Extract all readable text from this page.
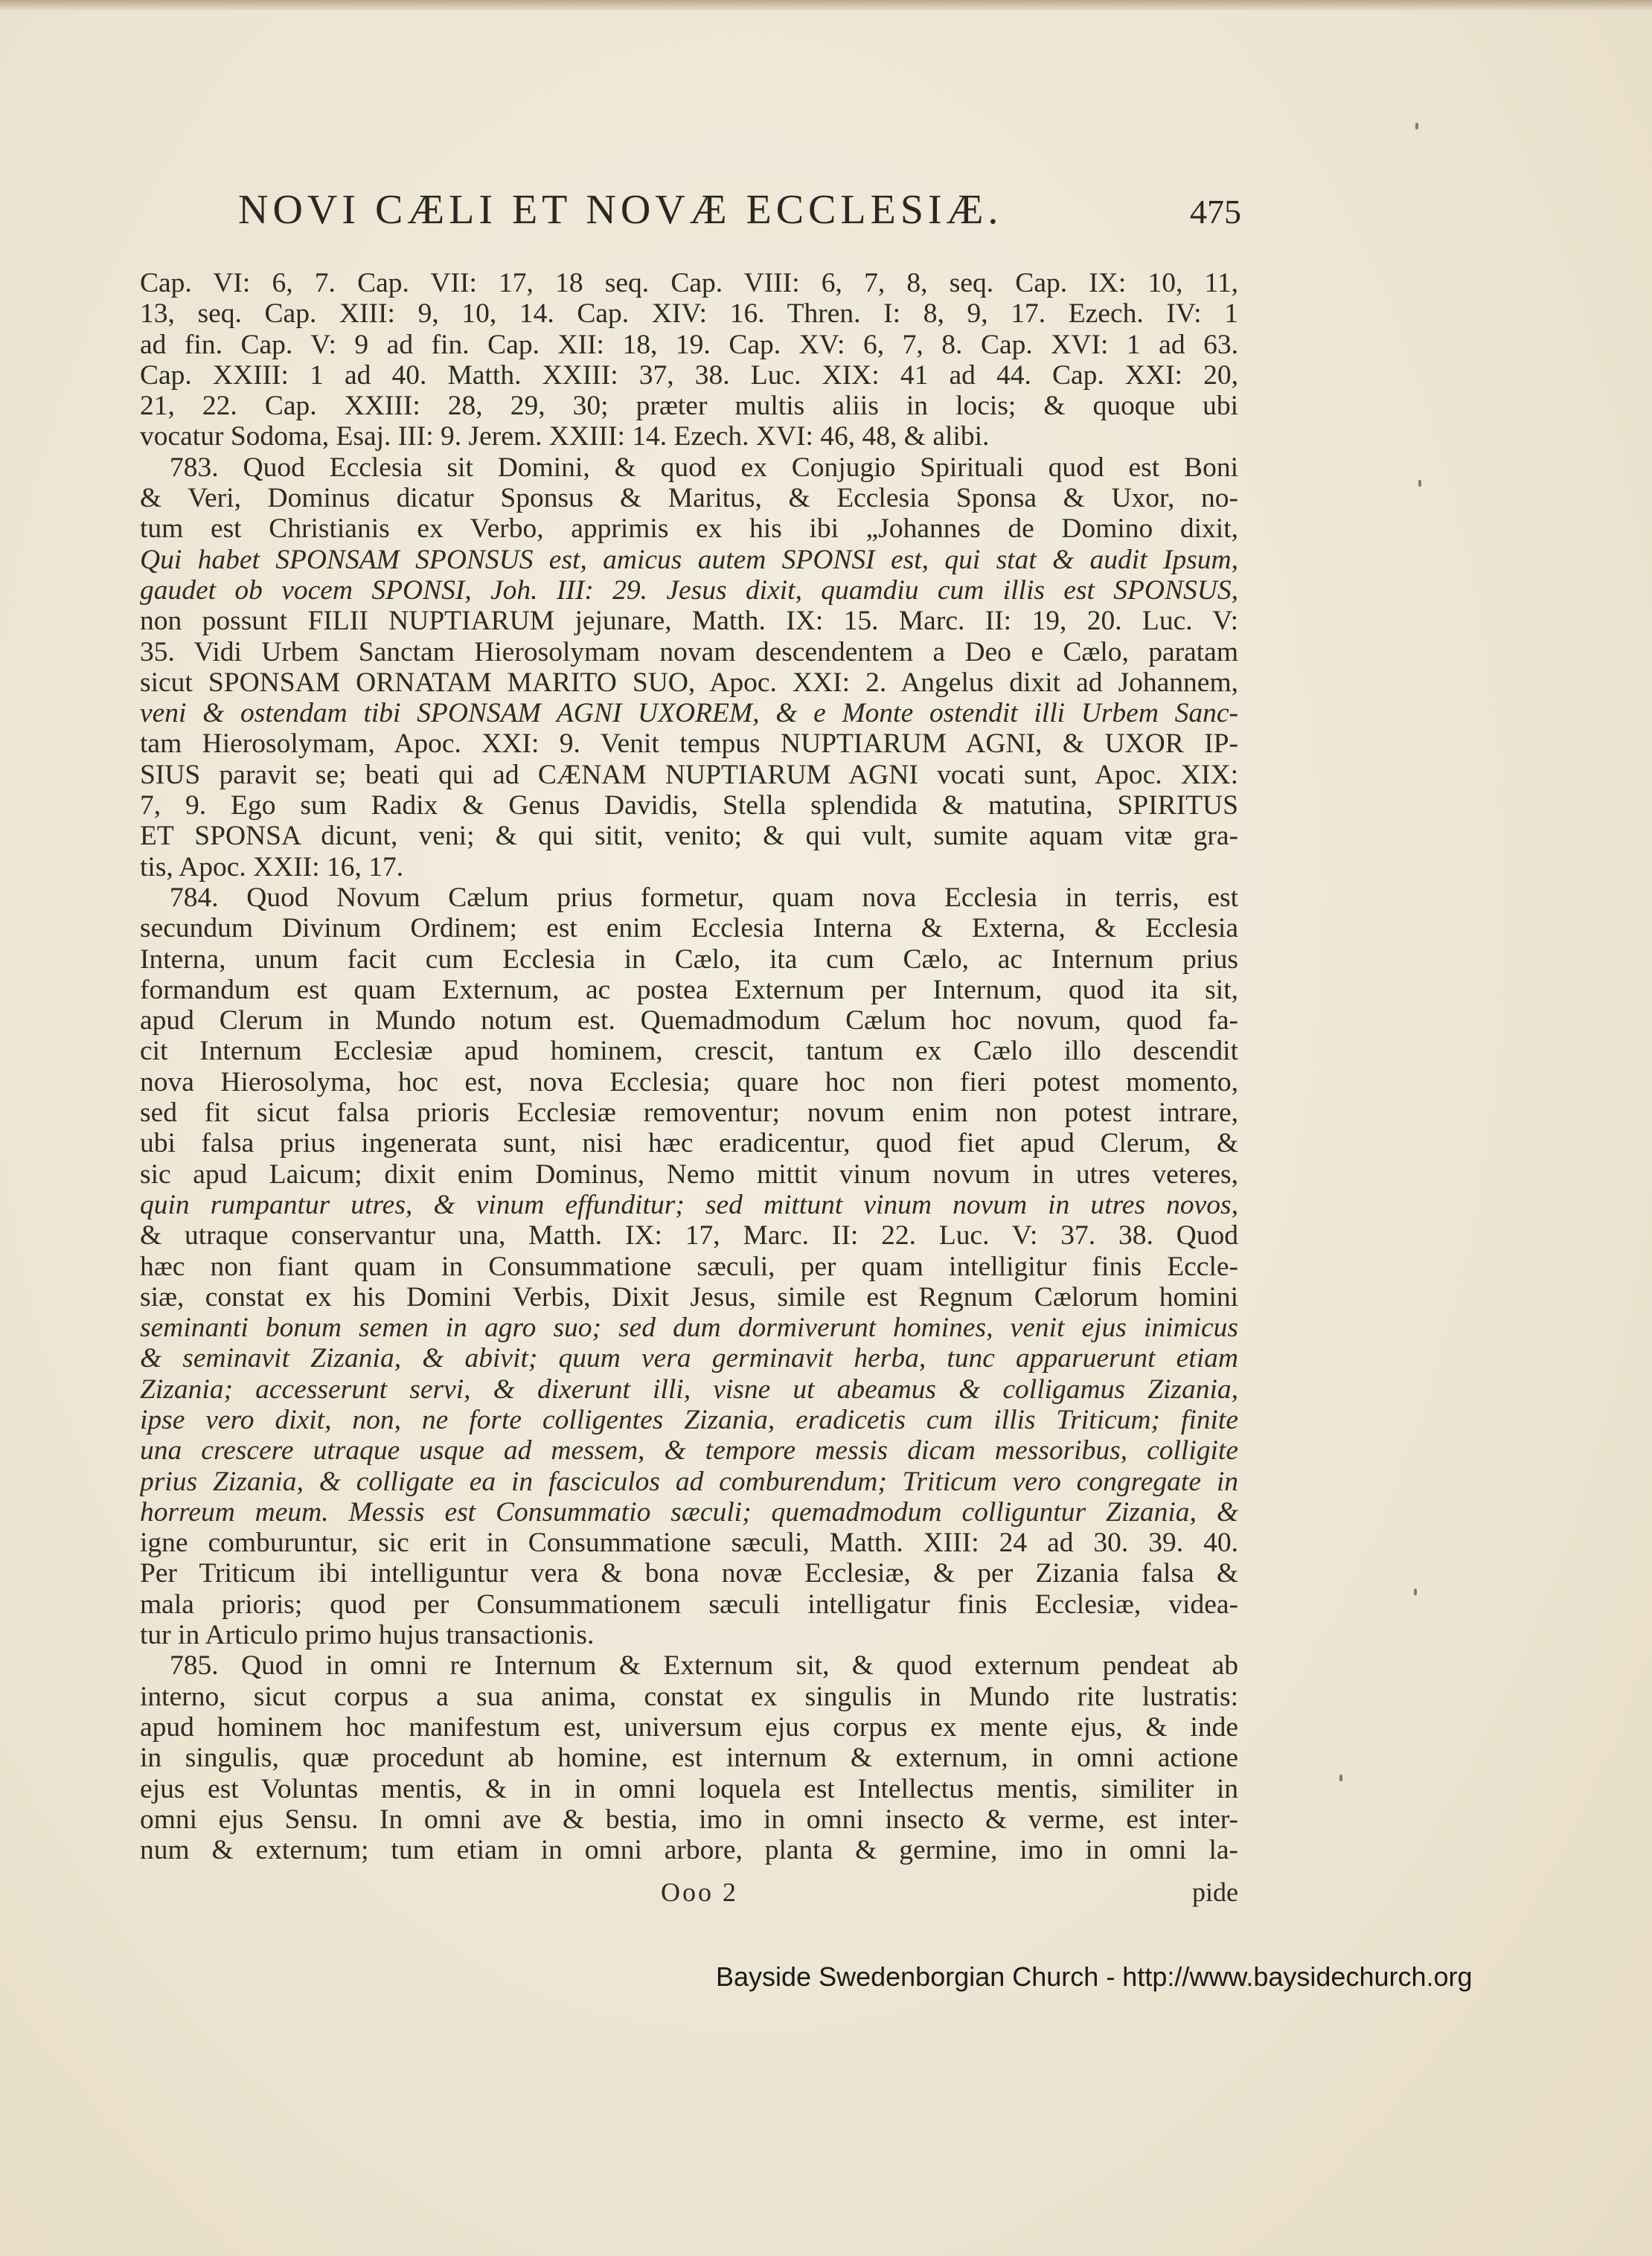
NOVI CÆLI ET NOVÆ ECCLESIÆ.	475
Cap. VI: 6, 7. Cap. VII: 17, 18 seq. Cap. VIII: 6, 7, 8, seq. Cap. IX: 10, 11,
13, seq. Cap. XIII: 9, 10, 14. Cap. XIV: 16. Thren. I: 8, 9, 17. Ezech. IV: 1
ad fin. Cap. V: 9 ad fin. Cap. XII: 18, 19. Cap. XV: 6, 7, 8. Cap. XVI: 1 ad 63.
Cap. XXIII: 1 ad 40. Matth. XXIII: 37, 38. Luc. XIX: 41 ad 44. Cap. XXI: 20,
21, 22. Cap. XXIII: 28, 29, 30; præter multis aliis in locis; & quoque ubi
vocatur Sodoma, Esaj. III: 9. Jerem. XXIII: 14. Ezech. XVI: 46, 48, & alibi.
783. Quod Ecclesia sit Domini, & quod ex Conjugio Spirituali quod est Boni
& Veri, Dominus dicatur Sponsus & Maritus, & Ecclesia Sponsa & Uxor, no-
tum est Christianis ex Verbo, apprimis ex his ibi „Johannes de Domino dixit,
Qui habet SPONSAM SPONSUS est, amicus autem SPONSI est, qui stat & audit Ipsum,
gaudet ob vocem SPONSI, Joh. III: 29. Jesus dixit, quamdiu cum illis est SPONSUS,
non possunt FILII NUPTIARUM jejunare, Matth. IX: 15. Marc. II: 19, 20. Luc. V:
35. Vidi Urbem Sanctam Hierosolymam novam descendentem a Deo e Cælo, paratam
sicut SPONSAM ORNATAM MARITO SUO, Apoc. XXI: 2. Angelus dixit ad Johannem,
veni & ostendam tibi SPONSAM AGNI UXOREM, & e Monte ostendit illi Urbem Sanc-
tam Hierosolymam, Apoc. XXI: 9. Venit tempus NUPTIARUM AGNI, & UXOR IP-
SIUS paravit se; beati qui ad CÆNAM NUPTIARUM AGNI vocati sunt, Apoc. XIX:
7, 9. Ego sum Radix & Genus Davidis, Stella splendida & matutina, SPIRITUS
ET SPONSA dicunt, veni; & qui sitit, venito; & qui vult, sumite aquam vitæ gra-
tis, Apoc. XXII: 16, 17.
784. Quod Novum Cælum prius formetur, quam nova Ecclesia in terris, est
secundum Divinum Ordinem; est enim Ecclesia Interna & Externa, & Ecclesia
Interna, unum facit cum Ecclesia in Cælo, ita cum Cælo, ac Internum prius
formandum est quam Externum, ac postea Externum per Internum, quod ita sit,
apud Clerum in Mundo notum est. Quemadmodum Cælum hoc novum, quod fa-
cit Internum Ecclesiæ apud hominem, crescit, tantum ex Cælo illo descendit
nova Hierosolyma, hoc est, nova Ecclesia; quare hoc non fieri potest momento,
sed fit sicut falsa prioris Ecclesiæ removentur; novum enim non potest intrare,
ubi falsa prius ingenerata sunt, nisi hæc eradicentur, quod fiet apud Clerum, &
sic apud Laicum; dixit enim Dominus, Nemo mittit vinum novum in utres veteres,
quin rumpantur utres, & vinum effunditur; sed mittunt vinum novum in utres novos,
& utraque conservantur una, Matth. IX: 17, Marc. II: 22. Luc. V: 37. 38. Quod
hæc non fiant quam in Consummatione sæculi, per quam intelligitur finis Eccle-
siæ, constat ex his Domini Verbis, Dixit Jesus, simile est Regnum Cælorum homini
seminanti bonum semen in agro suo; sed dum dormiverunt homines, venit ejus inimicus
& seminavit Zizania, & abivit; quum vera germinavit herba, tunc apparuerunt etiam
Zizania; accesserunt servi, & dixerunt illi, visne ut abeamus & colligamus Zizania,
ipse vero dixit, non, ne forte colligentes Zizania, eradicetis cum illis Triticum; finite
una crescere utraque usque ad messem, & tempore messis dicam messoribus, colligite
prius Zizania, & colligate ea in fasciculos ad comburendum; Triticum vero congregate in
horreum meum. Messis est Consummatio sæculi; quemadmodum colliguntur Zizania, &
igne comburuntur, sic erit in Consummatione sæculi, Matth. XIII: 24 ad 30. 39. 40.
Per Triticum ibi intelliguntur vera & bona novæ Ecclesiæ, & per Zizania falsa &
mala prioris; quod per Consummationem sæculi intelligatur finis Ecclesiæ, videa-
tur in Articulo primo hujus transactionis.
785. Quod in omni re Internum & Externum sit, & quod externum pendeat ab
interno, sicut corpus a sua anima, constat ex singulis in Mundo rite lustratis:
apud hominem hoc manifestum est, universum ejus corpus ex mente ejus, & inde
in singulis, quæ procedunt ab homine, est internum & externum, in omni actione
ejus est Voluntas mentis, & in in omni loquela est Intellectus mentis, similiter in
omni ejus Sensu. In omni ave & bestia, imo in omni insecto & verme, est inter-
num & externum; tum etiam in omni arbore, planta & germine, imo in omni la-
Ooo 2	pide
Bayside Swedenborgian Church - http://www.baysidechurch.org
